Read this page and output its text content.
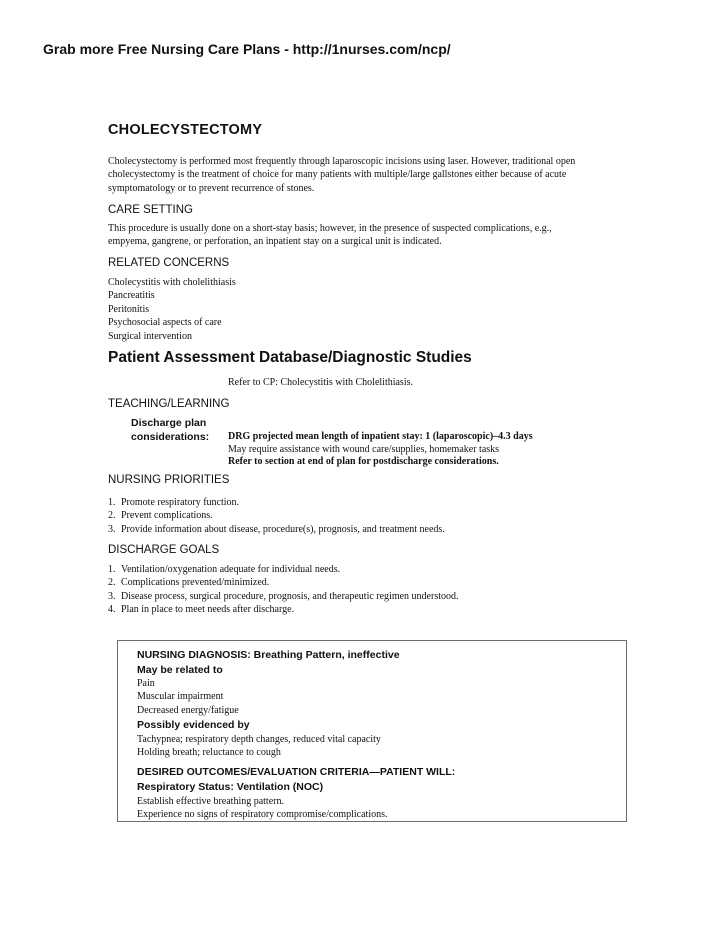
Grab more Free Nursing Care Plans - http://1nurses.com/ncp/
CHOLECYSTECTOMY
Cholecystectomy is performed most frequently through laparoscopic incisions using laser. However, traditional open
cholecystectomy is the treatment of choice for many patients with multiple/large gallstones either because of acute
symptomatology or to prevent recurrence of stones.
CARE SETTING
This procedure is usually done on a short-stay basis; however, in the presence of suspected complications, e.g.,
empyema, gangrene, or perforation, an inpatient stay on a surgical unit is indicated.
RELATED CONCERNS
Cholecystitis with cholelithiasis
Pancreatitis
Peritonitis
Psychosocial aspects of care
Surgical intervention
Patient Assessment Database/Diagnostic Studies
Refer to CP: Cholecystitis with Cholelithiasis.
TEACHING/LEARNING
Discharge plan
considerations: DRG projected mean length of inpatient stay: 1 (laparoscopic)–4.3 days
May require assistance with wound care/supplies, homemaker tasks
Refer to section at end of plan for postdischarge considerations.
NURSING PRIORITIES
1. Promote respiratory function.
2. Prevent complications.
3. Provide information about disease, procedure(s), prognosis, and treatment needs.
DISCHARGE GOALS
1. Ventilation/oxygenation adequate for individual needs.
2. Complications prevented/minimized.
3. Disease process, surgical procedure, prognosis, and therapeutic regimen understood.
4. Plan in place to meet needs after discharge.
NURSING DIAGNOSIS: Breathing Pattern, ineffective
May be related to
Pain
Muscular impairment
Decreased energy/fatigue
Possibly evidenced by
Tachypnea; respiratory depth changes, reduced vital capacity
Holding breath; reluctance to cough
DESIRED OUTCOMES/EVALUATION CRITERIA—PATIENT WILL:
Respiratory Status: Ventilation (NOC)
Establish effective breathing pattern.
Experience no signs of respiratory compromise/complications.
